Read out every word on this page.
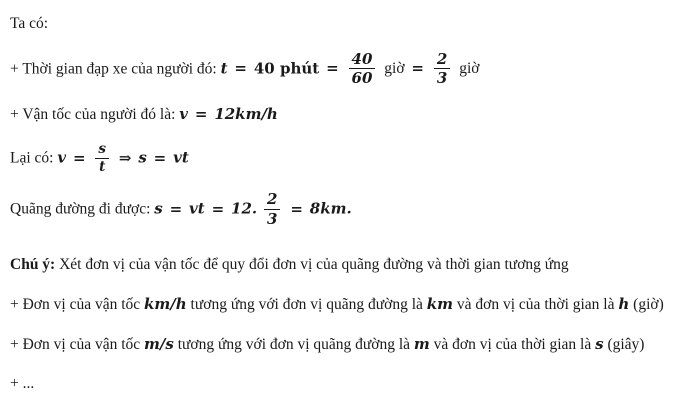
Ta có:

+ Thời gian đạp xe của người đó: t = 40 phút = $\frac{40}{60}$ giờ = $\frac{2}{3}$ giờ

+ Vận tốc của người đó là: v = 12km/h

Lại có: $v = \frac{s}{t}$ ⇒ s = vt

Quãng đường đi được: s = vt = 12. $\frac{2}{3} = 8km$.

Chú ý: Xét đơn vị của vận tốc để quy đổi đơn vị của quãng đường và thời gian tương ứng

+ Đơn vị của vận tốc km/h tương ứng với đơn vị quãng đường là km và đơn vị của thời gian là h (giờ)

+ Đơn vị của vận tốc m/s tương ứng với đơn vị quãng đường là m và đơn vị của thời gian là s (giây)

+ ...
